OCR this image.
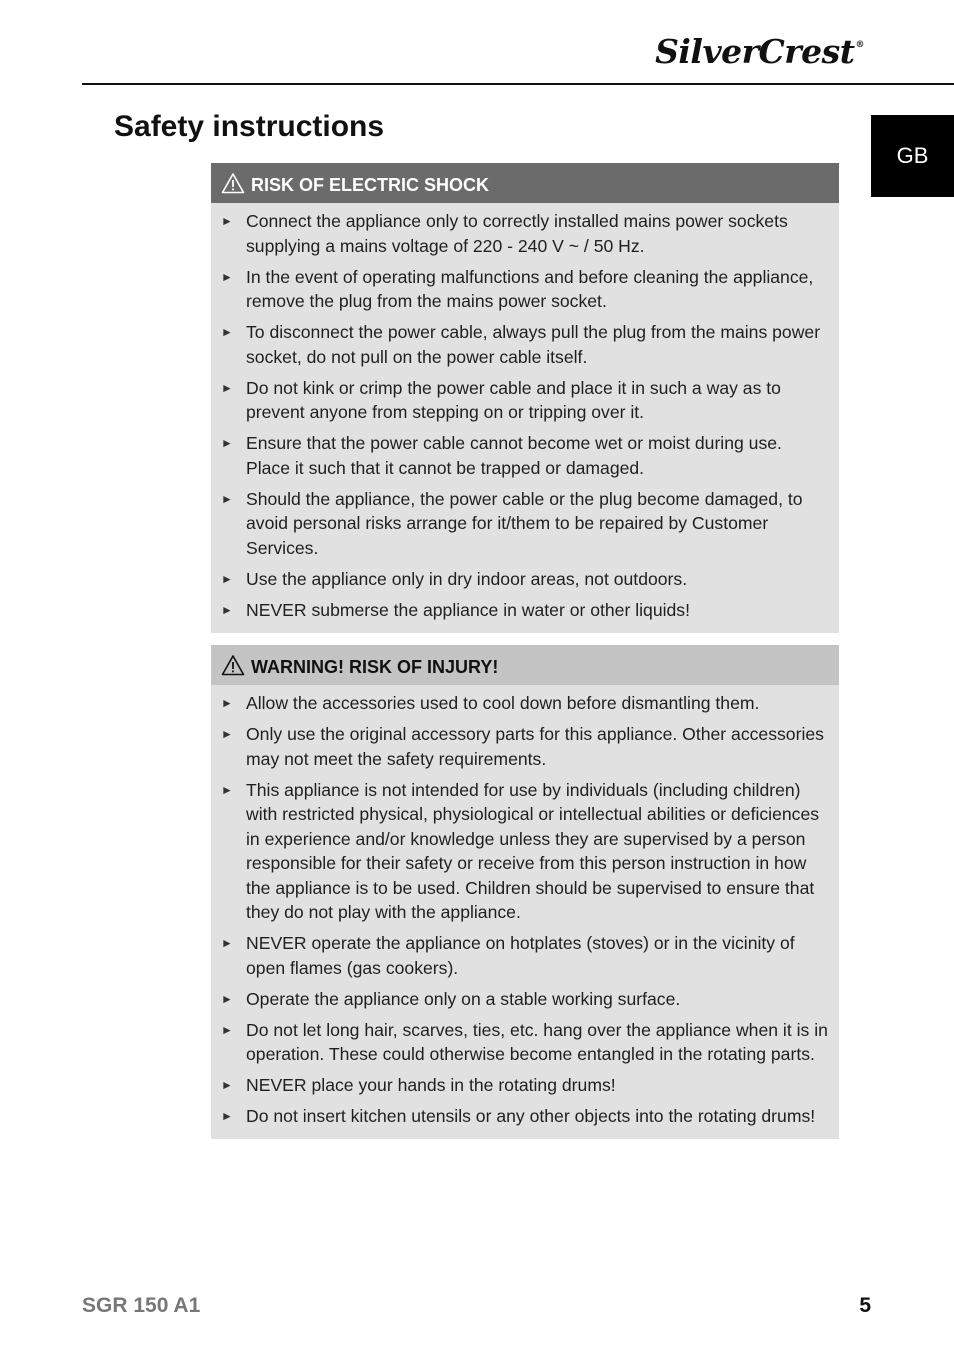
SilverCrest®
Safety instructions
GB
RISK OF ELECTRIC SHOCK
► Connect the appliance only to correctly installed mains power sockets supplying a mains voltage of 220 - 240 V ~ / 50 Hz.
► In the event of operating malfunctions and before cleaning the appliance, remove the plug from the mains power socket.
► To disconnect the power cable, always pull the plug from the mains power socket, do not pull on the power cable itself.
► Do not kink or crimp the power cable and place it in such a way as to prevent anyone from stepping on or tripping over it.
► Ensure that the power cable cannot become wet or moist during use. Place it such that it cannot be trapped or damaged.
► Should the appliance, the power cable or the plug become damaged, to avoid personal risks arrange for it/them to be repaired by Customer Services.
► Use the appliance only in dry indoor areas, not outdoors.
► NEVER submerse the appliance in water or other liquids!
WARNING! RISK OF INJURY!
► Allow the accessories used to cool down before dismantling them.
► Only use the original accessory parts for this appliance. Other accessories may not meet the safety requirements.
► This appliance is not intended for use by individuals (including children) with restricted physical, physiological or intellectual abilities or deficiences in experience and/or knowledge unless they are supervised by a person responsible for their safety or receive from this person instruction in how the appliance is to be used. Children should be supervised to ensure that they do not play with the appliance.
► NEVER operate the appliance on hotplates (stoves) or in the vicinity of open flames (gas cookers).
► Operate the appliance only on a stable working surface.
► Do not let long hair, scarves, ties, etc. hang over the appliance when it is in operation. These could otherwise become entangled in the rotating parts.
► NEVER place your hands in the rotating drums!
► Do not insert kitchen utensils or any other objects into the rotating drums!
SGR 150 A1	5
